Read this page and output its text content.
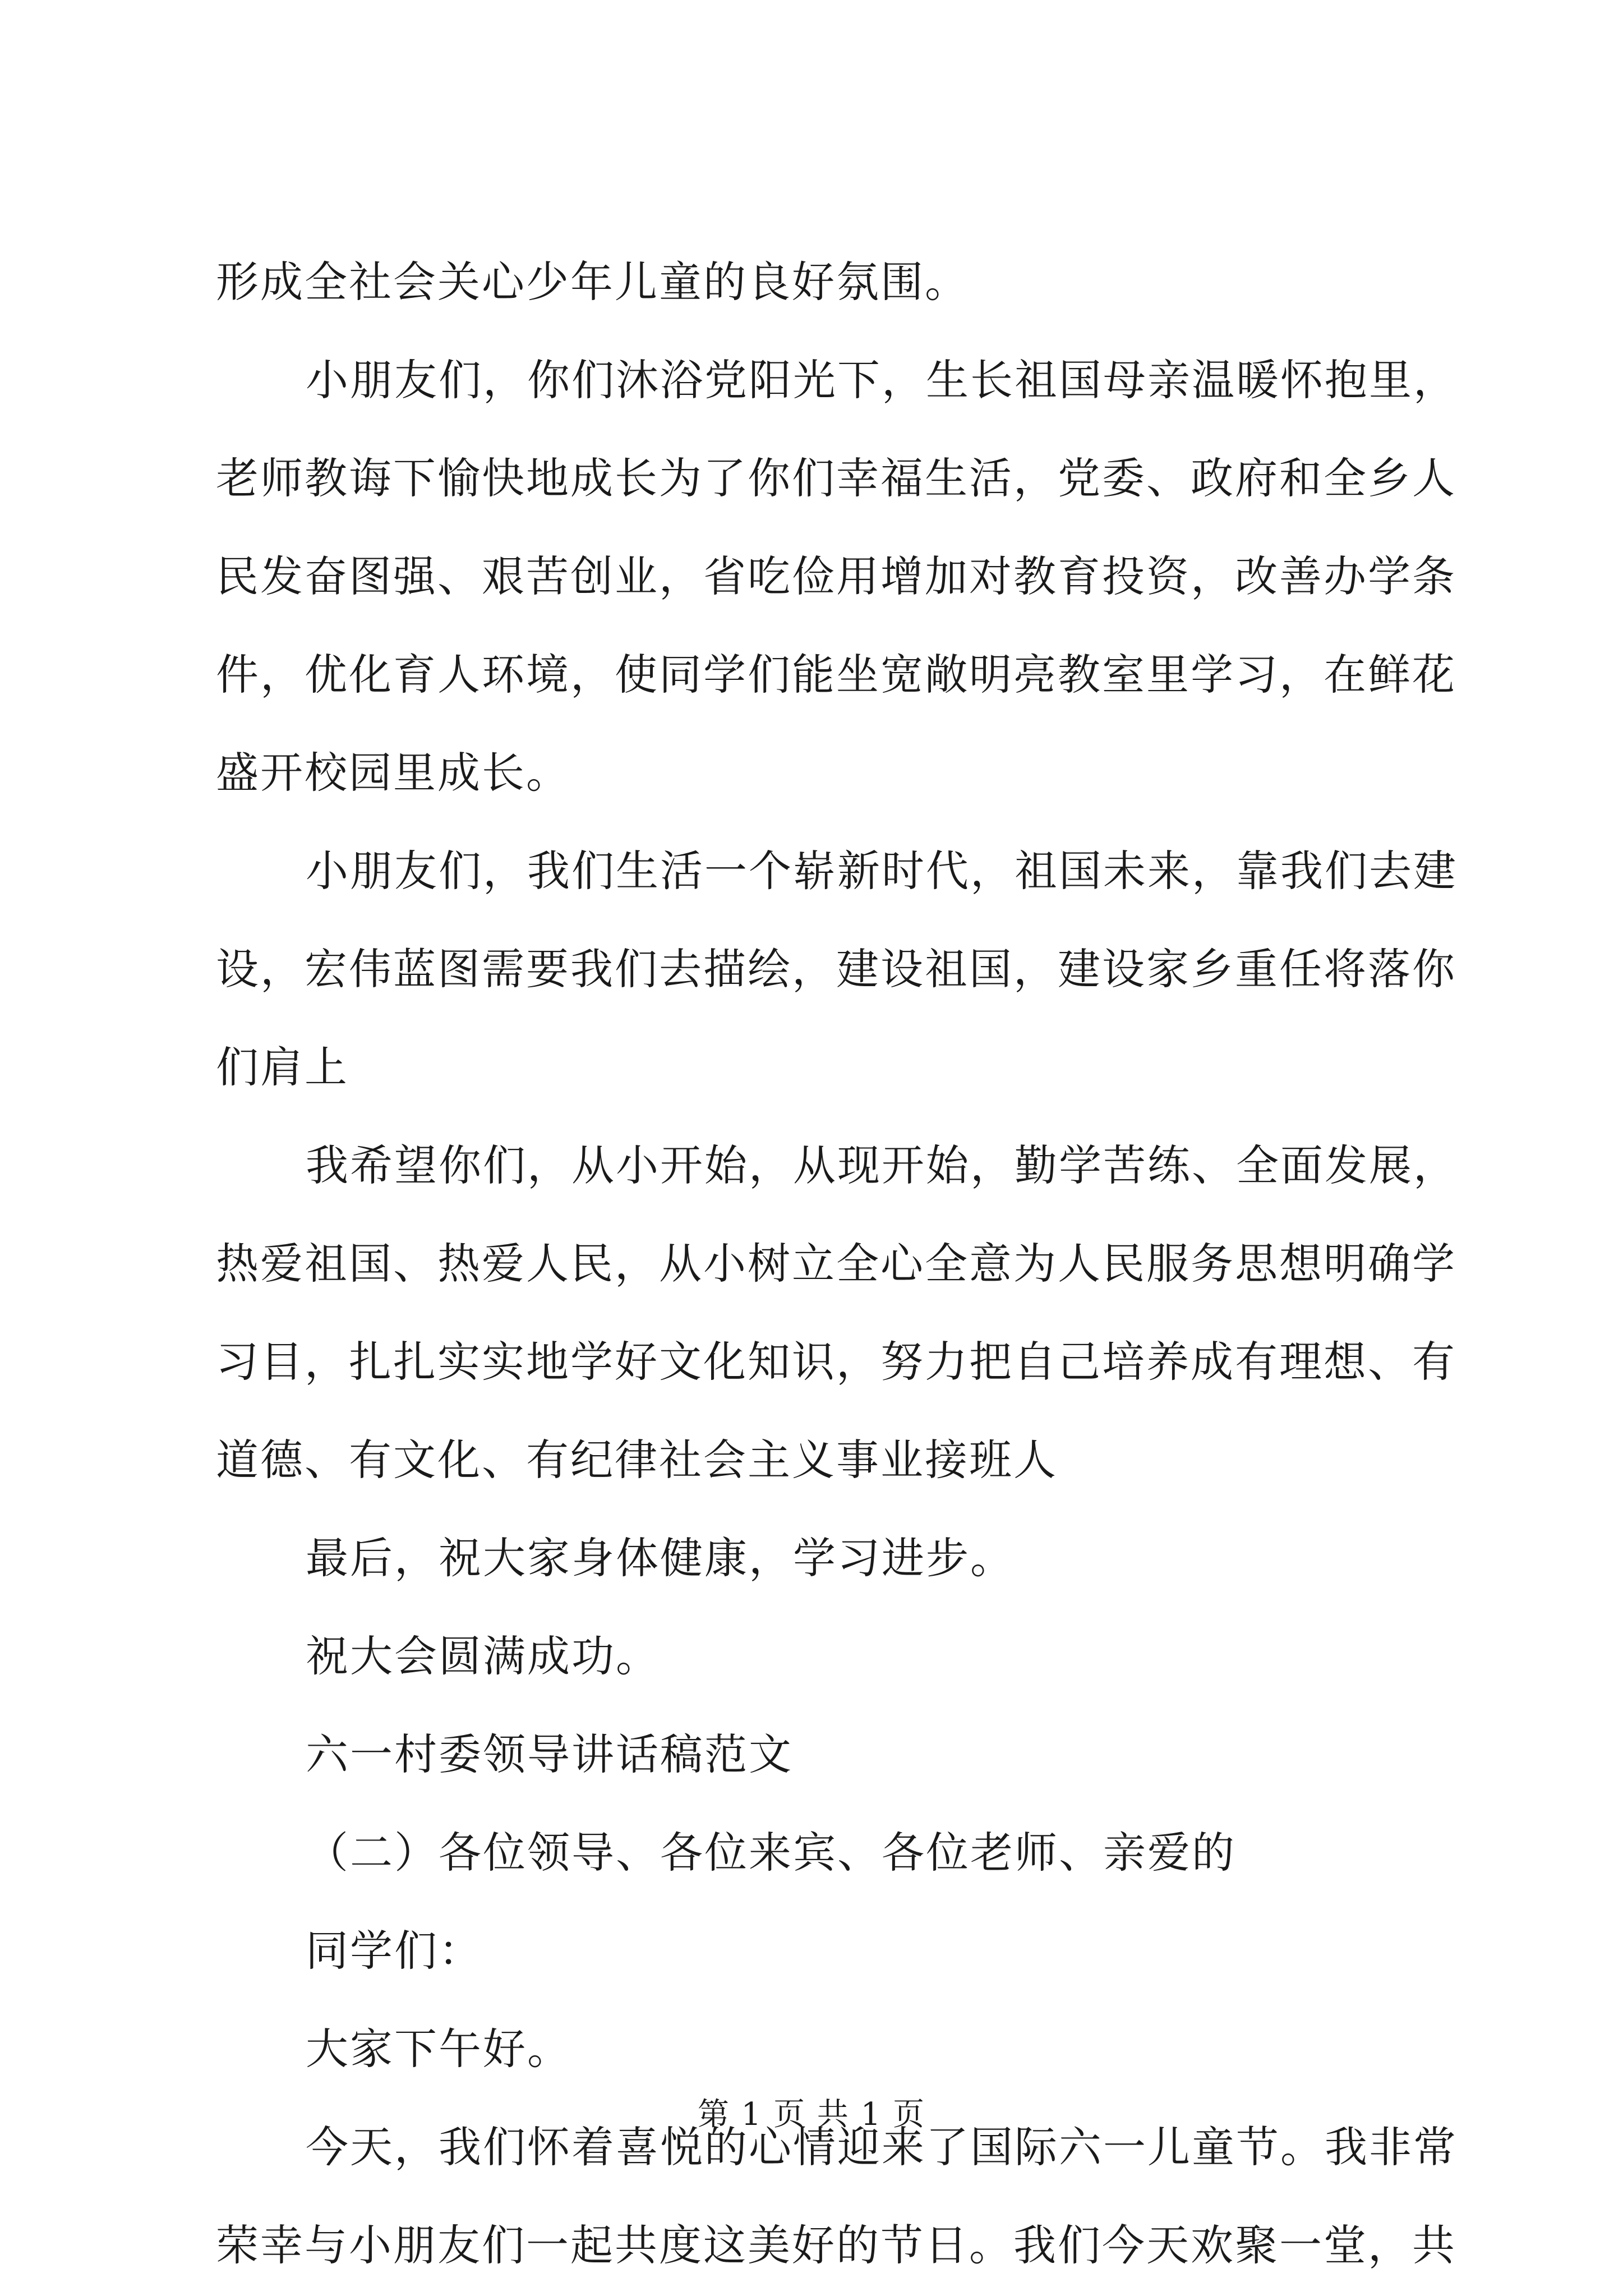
形成全社会关心少年儿童的良好氛围。
小朋友们，你们沐浴党阳光下，生长祖国母亲温暖怀抱里，
老师教诲下愉快地成长为了你们幸福生活，党委、政府和全乡人
民发奋图强、艰苦创业，省吃俭用增加对教育投资，改善办学条
件，优化育人环境，使同学们能坐宽敞明亮教室里学习，在鲜花
盛开校园里成长。
小朋友们，我们生活一个崭新时代，祖国未来，靠我们去建
设，宏伟蓝图需要我们去描绘，建设祖国，建设家乡重任将落你
们肩上
我希望你们，从小开始，从现开始，勤学苦练、全面发展，
热爱祖国、热爱人民，从小树立全心全意为人民服务思想明确学
习目，扎扎实实地学好文化知识，努力把自己培养成有理想、有
道德、有文化、有纪律社会主义事业接班人
最后，祝大家身体健康，学习进步。
祝大会圆满成功。
六一村委领导讲话稿范文
（二）各位领导、各位来宾、各位老师、亲爱的
同学们：
大家下午好。
今天，我们怀着喜悦的心情迎来了国际六一儿童节。我非常
荣幸与小朋友们一起共度这美好的节日。我们今天欢聚一堂，共
第 1 页 共 1 页
